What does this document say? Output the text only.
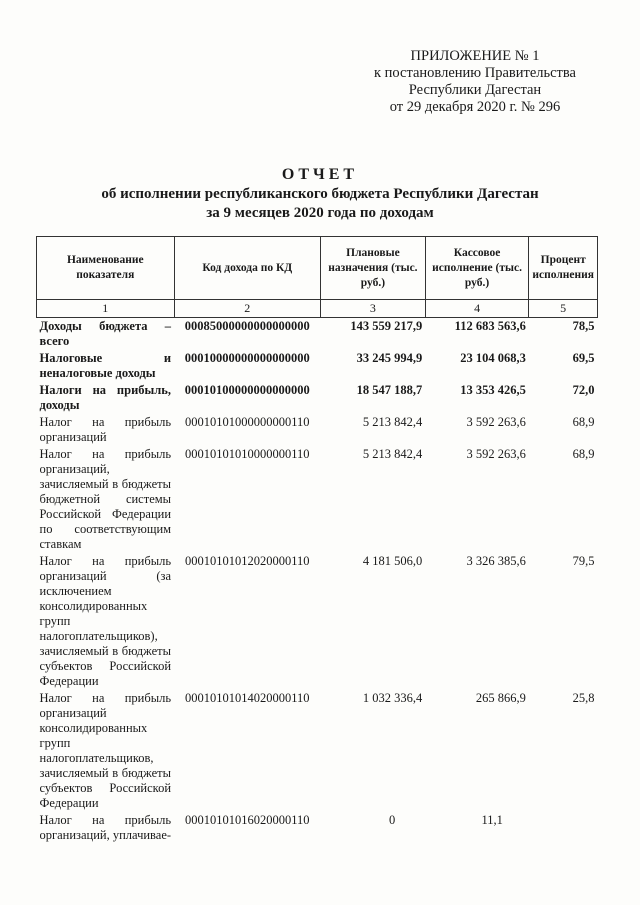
ПРИЛОЖЕНИЕ № 1
к постановлению Правительства
Республики Дагестан
от 29 декабря 2020 г. № 296
ОТЧЕТ
об исполнении республиканского бюджета Республики Дагестан
за 9 месяцев 2020 года по доходам
Наименование показателя	Код дохода по КД	Плановые назначения (тыс. руб.)	Кассовое исполнение (тыс. руб.)	Процент исполнения
1	2	3	4	5
Доходы бюджета – всего	00085000000000000000	143 559 217,9	112 683 563,6	78,5
Налоговые и неналоговые доходы	00010000000000000000	33 245 994,9	23 104 068,3	69,5
Налоги на прибыль, доходы	00010100000000000000	18 547 188,7	13 353 426,5	72,0
Налог на прибыль организаций	00010101000000000110	5 213 842,4	3 592 263,6	68,9
Налог на прибыль организаций, зачисляемый в бюджеты бюджетной системы Российской Федерации по соответствующим ставкам	00010101010000000110	5 213 842,4	3 592 263,6	68,9
Налог на прибыль организаций (за исключением консолидированных групп налогоплательщиков), зачисляемый в бюджеты субъектов Российской Федерации	00010101012020000110	4 181 506,0	3 326 385,6	79,5
Налог на прибыль организаций консолидированных групп налогоплательщиков, зачисляемый в бюджеты субъектов Российской Федерации	00010101014020000110	1 032 336,4	265 866,9	25,8
Налог на прибыль организаций, уплачивае-	00010101016020000110	0	11,1	
